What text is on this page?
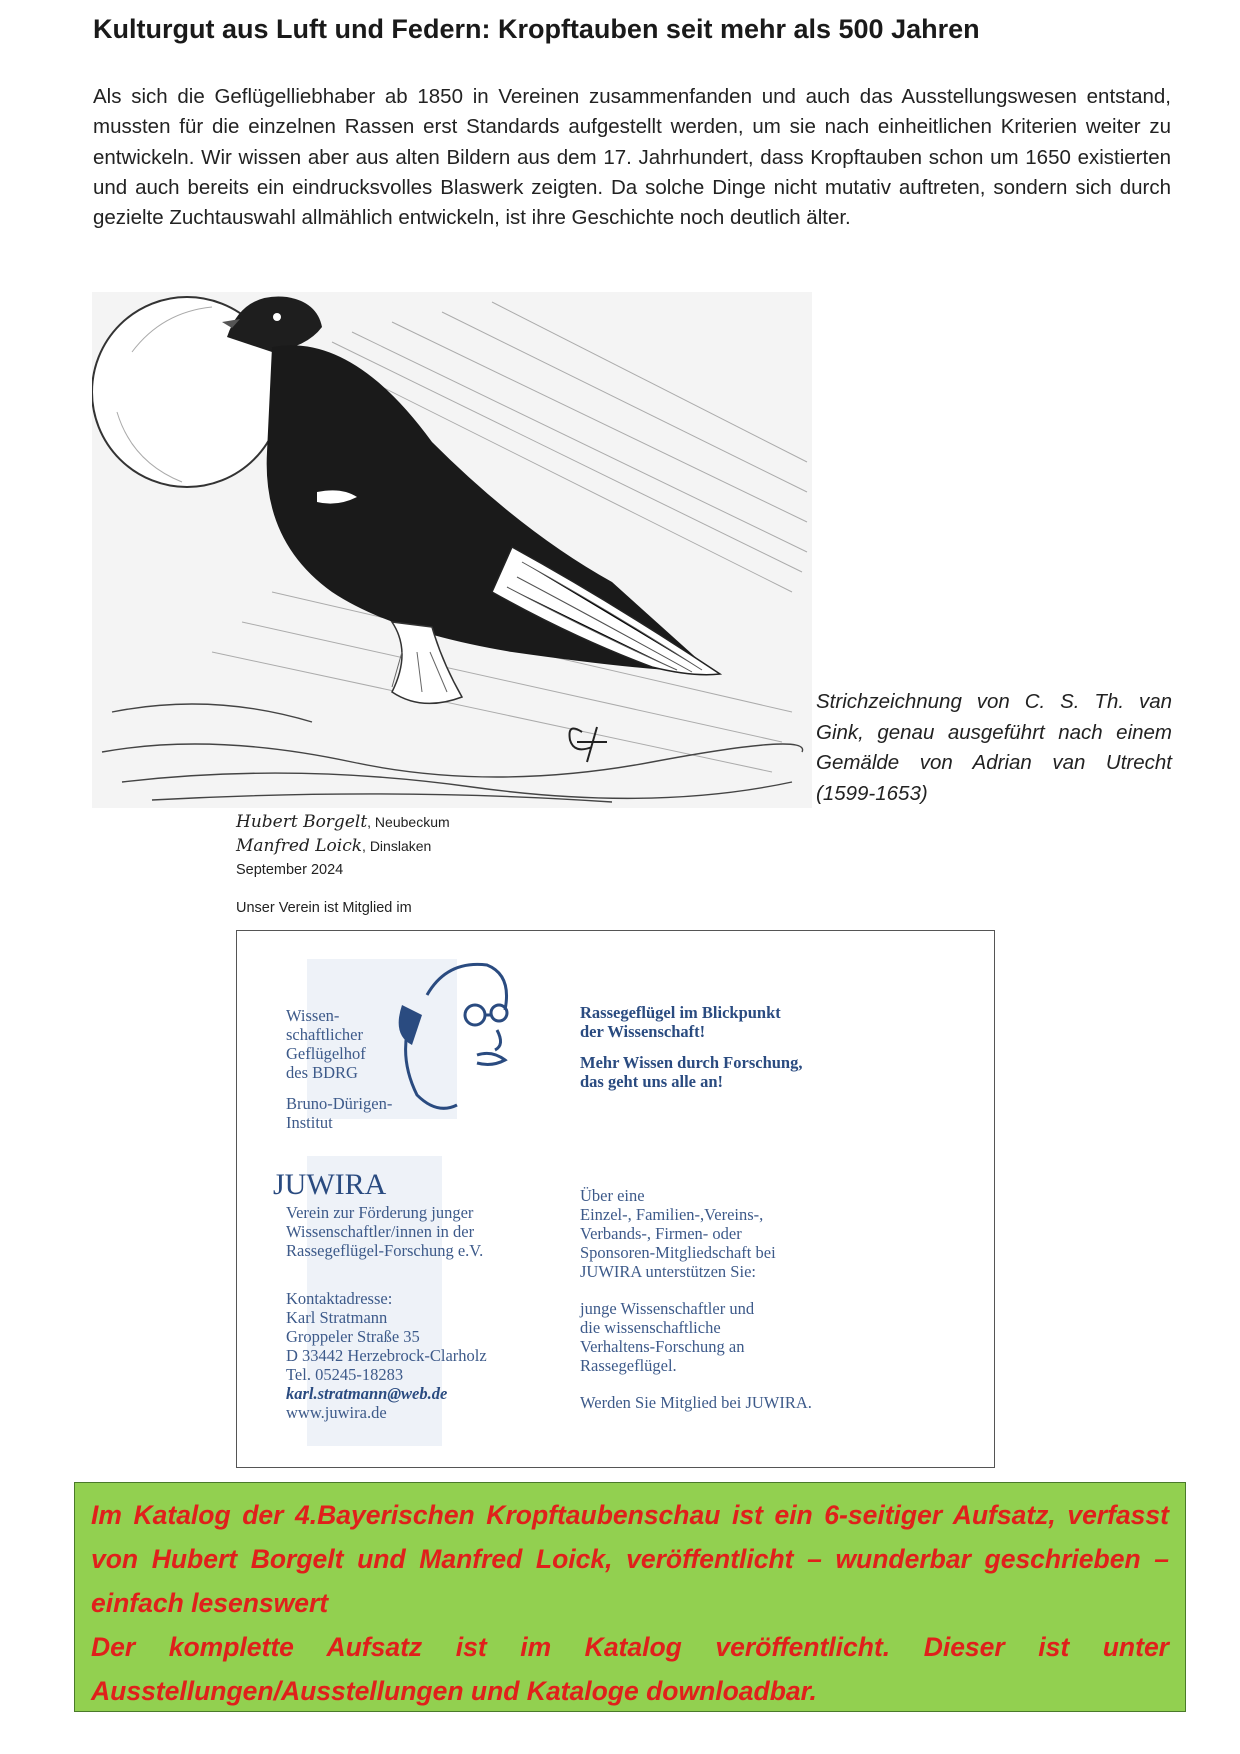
Kulturgut aus Luft und Federn: Kropftauben seit mehr als 500 Jahren

Als sich die Geflügelliebhaber ab 1850 in Vereinen zusammenfanden und auch das Ausstellungswesen entstand, mussten für die einzelnen Rassen erst Standards aufgestellt werden, um sie nach einheitlichen Kriterien weiter zu entwickeln. Wir wissen aber aus alten Bildern aus dem 17. Jahrhundert, dass Kropftauben schon um 1650 existierten und auch bereits ein eindrucksvolles Blaswerk zeigten. Da solche Dinge nicht mutativ auftreten, sondern sich durch gezielte Zuchtauswahl allmählich entwickeln, ist ihre Geschichte noch deutlich älter.

Strichzeichnung von C. S. Th. van Gink, genau ausgeführt nach einem Gemälde von Adrian van Utrecht (1599-1653)

Hubert Borgelt, Neubeckum
Manfred Loick, Dinslaken
September 2024
Unser Verein ist Mitglied im
Wissen-
schaftlicher
Geflügelhof
des BDRG
Bruno-Dürigen-
Institut
Rassegeflügel im Blickpunkt
der Wissenschaft!
Mehr Wissen durch Forschung,
das geht uns alle an!
JUWIRA
Verein zur Förderung junger
Wissenschaftler/innen in der
Rassegeflügel-Forschung e.V.
Kontaktadresse:
Karl Stratmann
Groppeler Straße 35
D 33442 Herzebrock-Clarholz
Tel. 05245-18283
karl.stratmann@web.de
www.juwira.de
Über eine
Einzel-, Familien-,Vereins-,
Verbands-, Firmen- oder
Sponsoren-Mitgliedschaft bei
JUWIRA unterstützen Sie:
junge Wissenschaftler und
die wissenschaftliche
Verhaltens-Forschung an
Rassegeflügel.
Werden Sie Mitglied bei JUWIRA.

Im Katalog der 4.Bayerischen Kropftaubenschau ist ein 6-seitiger Aufsatz, verfasst von Hubert Borgelt und Manfred Loick, veröffentlicht – wunderbar geschrieben – einfach lesenswert

Der komplette Aufsatz ist im Katalog veröffentlicht. Dieser ist unter Ausstellungen/Ausstellungen und Kataloge downloadbar.
